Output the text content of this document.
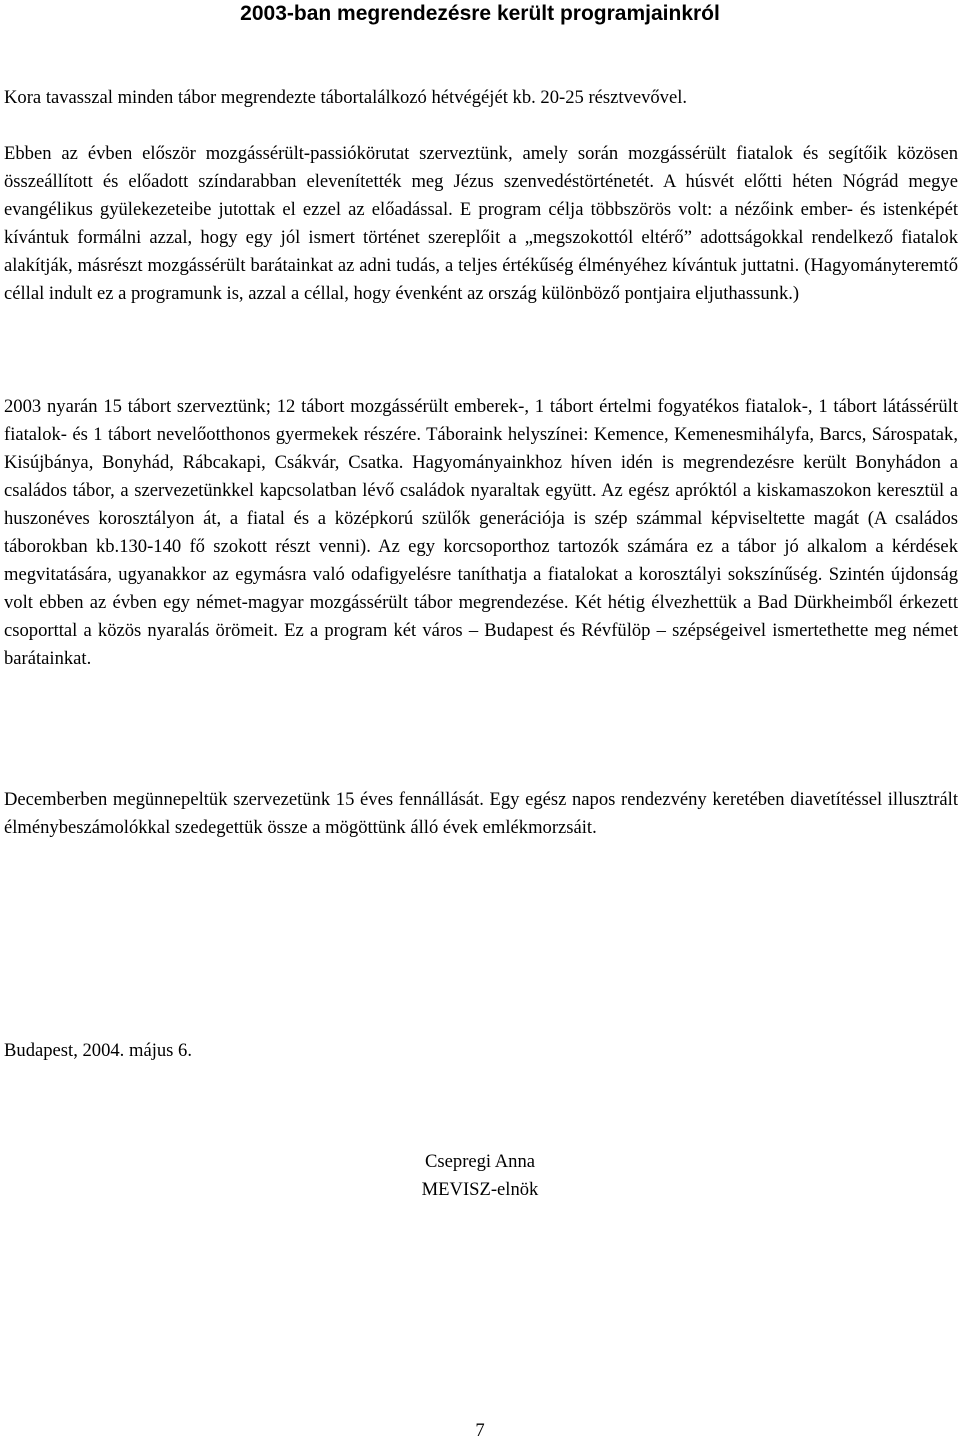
2003-ban megrendezésre került programjainkról

Kora tavasszal minden tábor megrendezte tábortalálkozó hétvégéjét kb. 20-25 résztvevővel.

Ebben az évben először mozgássérült-passiókörutat szerveztünk, amely során mozgássérült fiatalok és segítőik közösen összeállított és előadott színdarabban elevenítették meg Jézus szenvedéstörténetét. A húsvét előtti héten Nógrád megye evangélikus gyülekezeteibe jutottak el ezzel az előadással. E program célja többszörös volt: a nézőink ember- és istenképét kívántuk formálni azzal, hogy egy jól ismert történet szereplőit a „megszokottól eltérő” adottságokkal rendelkező fiatalok alakítják, másrészt mozgássérült barátainkat az adni tudás, a teljes értékűség élményéhez kívántuk juttatni. (Hagyományteremtő céllal indult ez a programunk is, azzal a céllal, hogy évenként az ország különböző pontjaira eljuthassunk.)

2003 nyarán 15 tábort szerveztünk; 12 tábort mozgássérült emberek-, 1 tábort értelmi fogyatékos fiatalok-, 1 tábort látássérült fiatalok- és 1 tábort nevelőotthonos gyermekek részére. Táboraink helyszínei: Kemence, Kemenesmihályfa, Barcs, Sárospatak, Kisújbánya, Bonyhád, Rábcakapi, Csákvár, Csatka. Hagyományainkhoz híven idén is megrendezésre került Bonyhádon a családos tábor, a szervezetünkkel kapcsolatban lévő családok nyaraltak együtt. Az egész apróktól a kiskamaszokon keresztül a huszonéves korosztályon át, a fiatal és a középkorú szülők generációja is szép számmal képviseltette magát (A családos táborokban kb.130-140 fő szokott részt venni). Az egy korcsoporthoz tartozók számára ez a tábor jó alkalom a kérdések megvitatására, ugyanakkor az egymásra való odafigyelésre taníthatja a fiatalokat a korosztályi sokszínűség. Szintén újdonság volt ebben az évben egy német-magyar mozgássérült tábor megrendezése. Két hétig élvezhettük a Bad Dürkheimből érkezett csoporttal a közös nyaralás örömeit. Ez a program két város – Budapest és Révfülöp – szépségeivel ismertethette meg német barátainkat.

Decemberben megünnepeltük szervezetünk 15 éves fennállását. Egy egész napos rendezvény keretében diavetítéssel illusztrált élménybeszámolókkal szedegettük össze a mögöttünk álló évek emlékmorzsáit.

Budapest, 2004. május 6.

Csepregi Anna
MEVISZ-elnök

7
